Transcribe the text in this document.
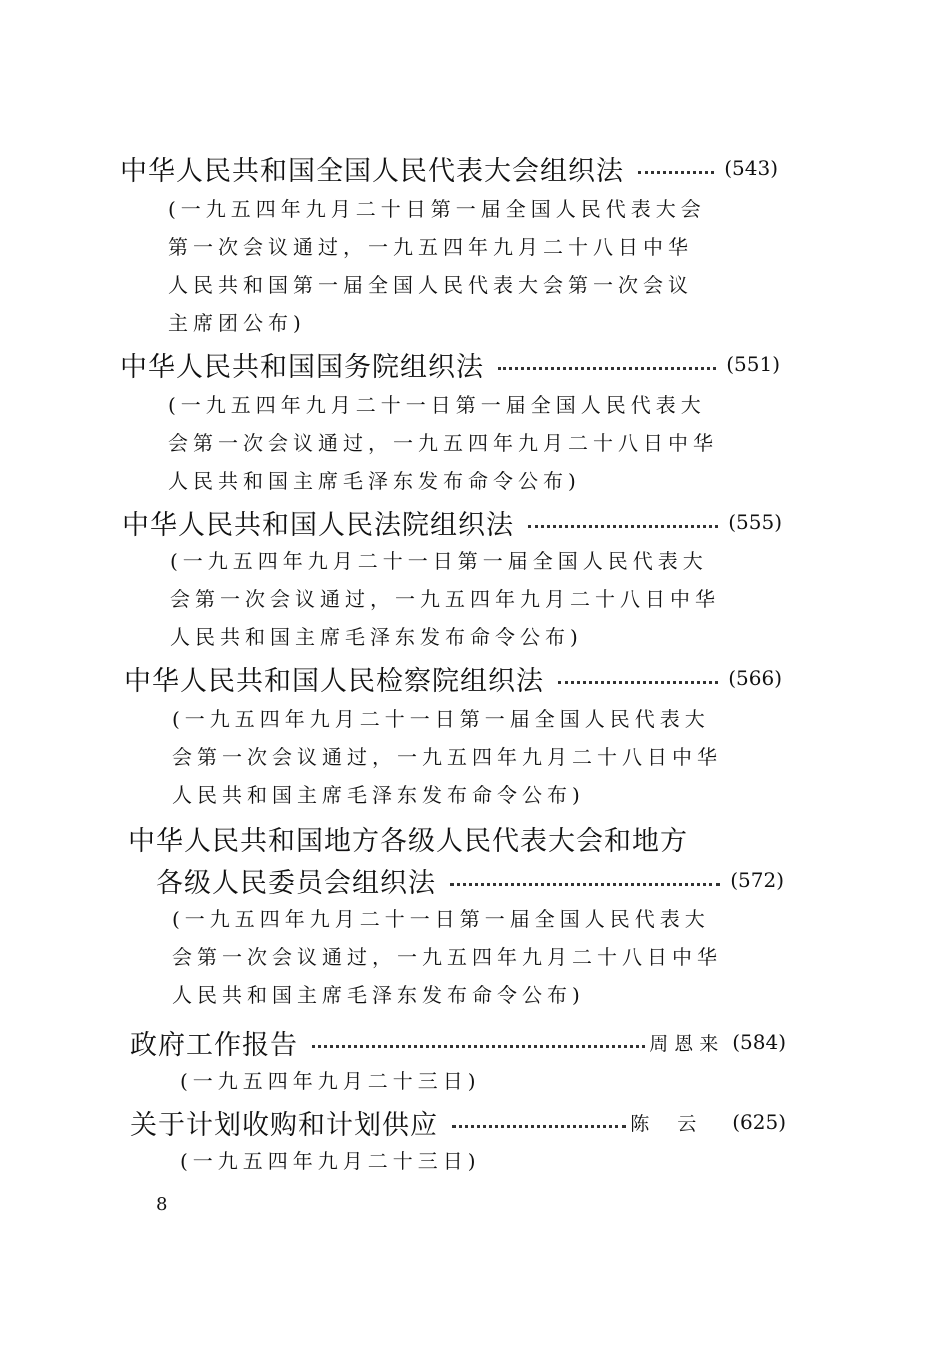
中华人民共和国全国人民代表大会组织法	(543)
(一九五四年九月二十日第一届全国人民代表大会
第一次会议通过，一九五四年九月二十八日中华
人民共和国第一届全国人民代表大会第一次会议
主席团公布)
中华人民共和国国务院组织法	(551)
(一九五四年九月二十一日第一届全国人民代表大
会第一次会议通过，一九五四年九月二十八日中华
人民共和国主席毛泽东发布命令公布)
中华人民共和国人民法院组织法	(555)
(一九五四年九月二十一日第一届全国人民代表大
会第一次会议通过，一九五四年九月二十八日中华
人民共和国主席毛泽东发布命令公布)
中华人民共和国人民检察院组织法	(566)
(一九五四年九月二十一日第一届全国人民代表大
会第一次会议通过，一九五四年九月二十八日中华
人民共和国主席毛泽东发布命令公布)
中华人民共和国地方各级人民代表大会和地方
各级人民委员会组织法	(572)
(一九五四年九月二十一日第一届全国人民代表大
会第一次会议通过，一九五四年九月二十八日中华
人民共和国主席毛泽东发布命令公布)
政府工作报告	周恩来 (584)
(一九五四年九月二十三日)
关于计划收购和计划供应	陈云 (625)
(一九五四年九月二十三日)
8
